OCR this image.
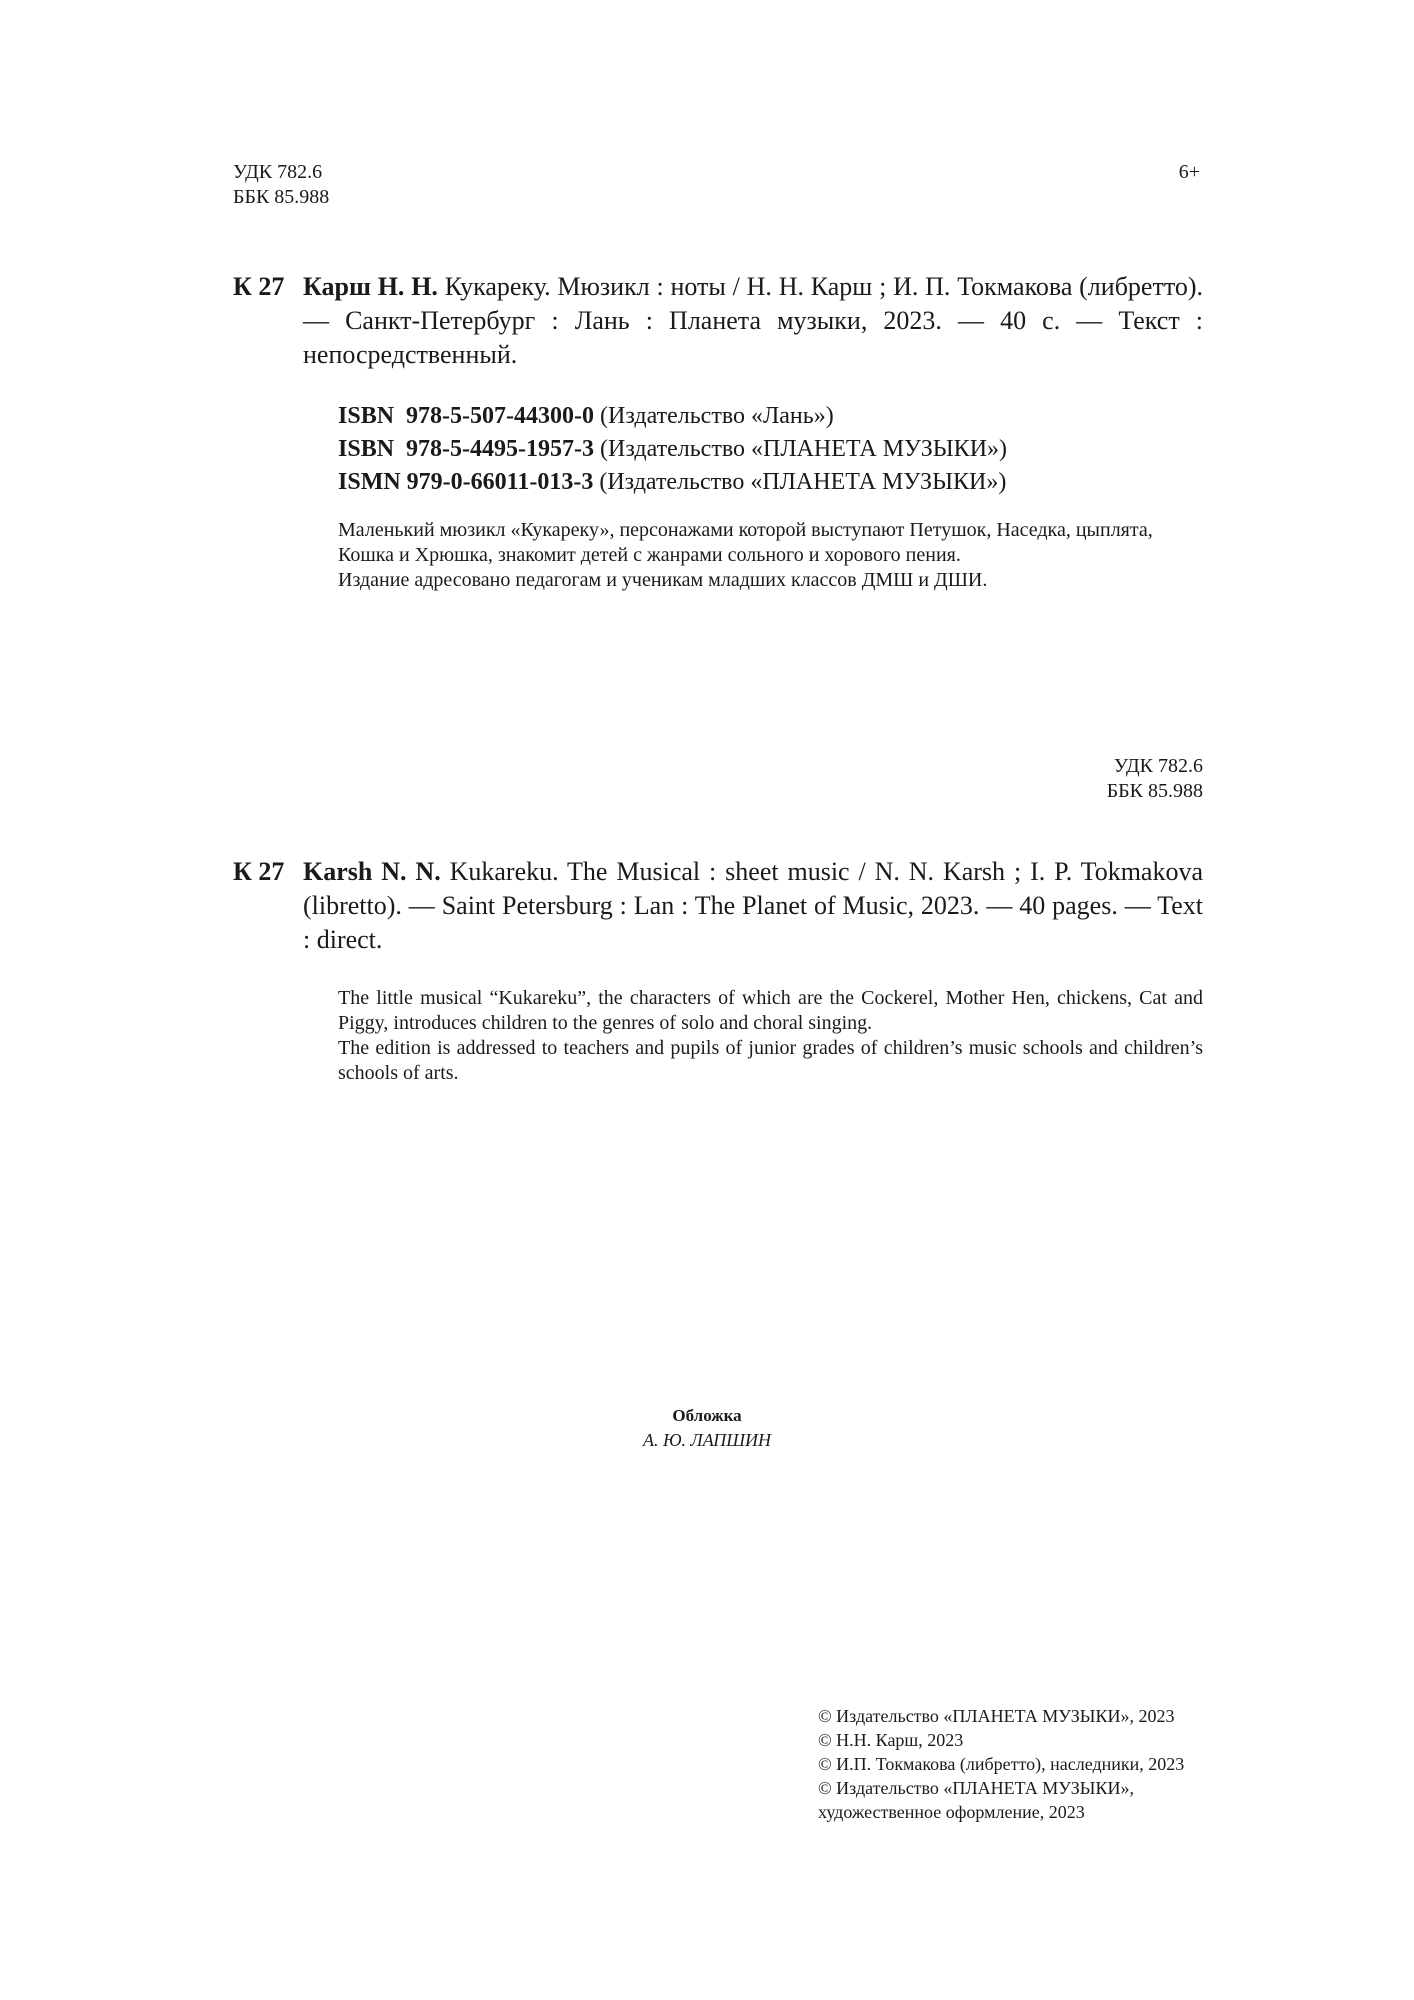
УДК 782.6
ББК 85.988
6+
К 27 Карш Н. Н. Кукареку. Мюзикл : ноты / Н. Н. Карш ; И. П. Токмакова (либретто). — Санкт-Петербург : Лань : Планета музыки, 2023. — 40 с. — Текст : непосредственный.
ISBN 978-5-507-44300-0 (Издательство «Лань»)
ISBN 978-5-4495-1957-3 (Издательство «ПЛАНЕТА МУЗЫКИ»)
ISMN 979-0-66011-013-3 (Издательство «ПЛАНЕТА МУЗЫКИ»)

Маленький мюзикл «Кукареку», персонажами которой выступают Петушок, Наседка, цыплята, Кошка и Хрюшка, знакомит детей с жанрами сольного и хорового пения.

Издание адресовано педагогам и ученикам младших классов ДМШ и ДШИ.

УДК 782.6
ББК 85.988
К 27 Karsh N. N. Kukareku. The Musical : sheet music / N. N. Karsh ; I. P. Tokmakova (libretto). — Saint Petersburg : Lan : The Planet of Music, 2023. — 40 pages. — Text : direct.

The little musical “Kukareku”, the characters of which are the Cockerel, Mother Hen, chickens, Cat and Piggy, introduces children to the genres of solo and choral singing.

The edition is addressed to teachers and pupils of junior grades of children’s music schools and children’s schools of arts.

Обложка
А. Ю. ЛАПШИН
© Издательство «ПЛАНЕТА МУЗЫКИ», 2023
© Н.Н. Карш, 2023
© И.П. Токмакова (либретто), наследники, 2023
© Издательство «ПЛАНЕТА МУЗЫКИ»,
художественное оформление, 2023
